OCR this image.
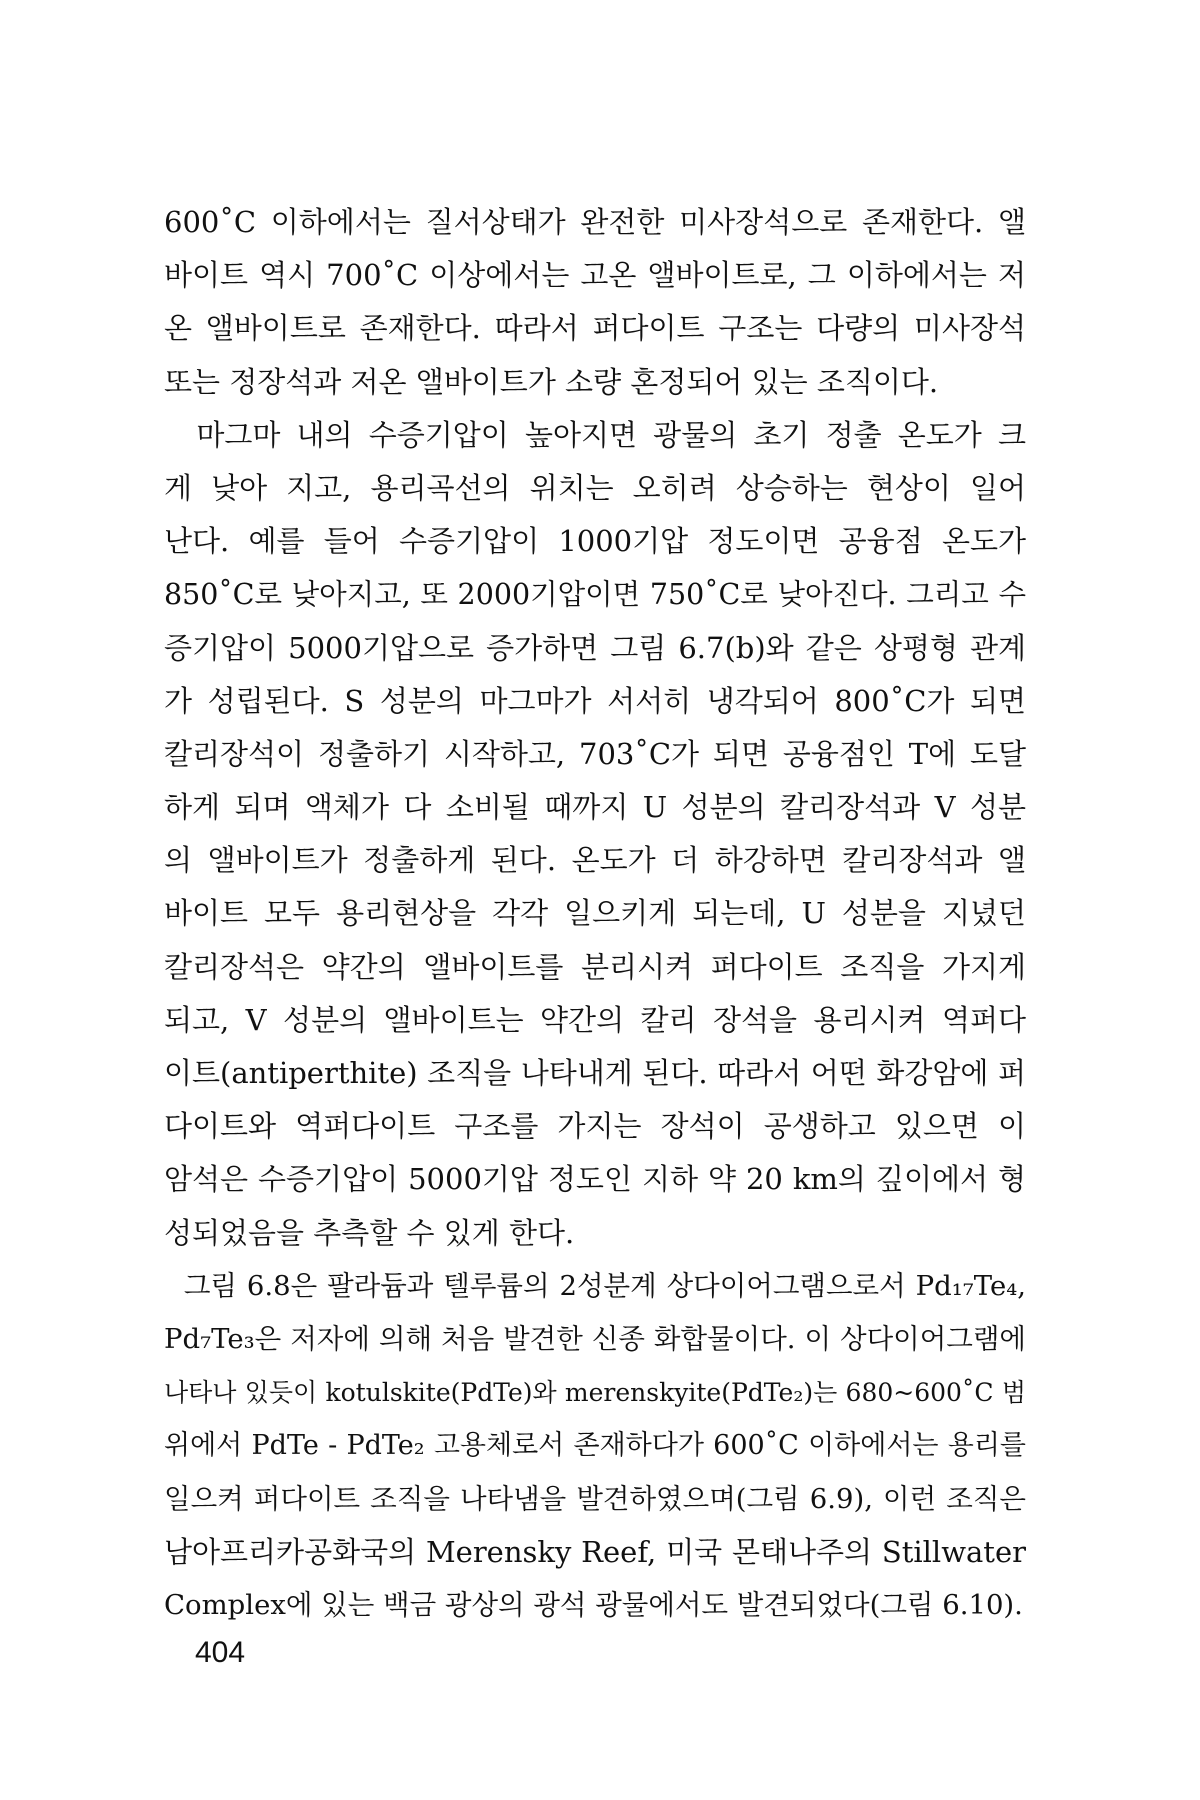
600˚C 이하에서는 질서상태가 완전한 미사장석으로 존재한다. 앨
바이트 역시 700˚C 이상에서는 고온 앨바이트로, 그 이하에서는 저
온 앨바이트로 존재한다. 따라서 퍼다이트 구조는 다량의 미사장석
또는 정장석과 저온 앨바이트가 소량 혼정되어 있는 조직이다.
마그마 내의 수증기압이 높아지면 광물의 초기 정출 온도가 크
게 낮아 지고, 용리곡선의 위치는 오히려 상승하는 현상이 일어
난다. 예를 들어 수증기압이 1000기압 정도이면 공융점 온도가
850˚C로 낮아지고, 또 2000기압이면 750˚C로 낮아진다. 그리고 수
증기압이 5000기압으로 증가하면 그림 6.7(b)와 같은 상평형 관계
가 성립된다. S 성분의 마그마가 서서히 냉각되어 800˚C가 되면
칼리장석이 정출하기 시작하고, 703˚C가 되면 공융점인 T에 도달
하게 되며 액체가 다 소비될 때까지 U 성분의 칼리장석과 V 성분
의 앨바이트가 정출하게 된다. 온도가 더 하강하면 칼리장석과 앨
바이트 모두 용리현상을 각각 일으키게 되는데, U 성분을 지녔던
칼리장석은 약간의 앨바이트를 분리시켜 퍼다이트 조직을 가지게
되고, V 성분의 앨바이트는 약간의 칼리 장석을 용리시켜 역퍼다
이트(antiperthite) 조직을 나타내게 된다. 따라서 어떤 화강암에 퍼
다이트와 역퍼다이트 구조를 가지는 장석이 공생하고 있으면 이
암석은 수증기압이 5000기압 정도인 지하 약 20 km의 깊이에서 형
성되었음을 추측할 수 있게 한다.
그림 6.8은 팔라듐과 텔루륨의 2성분계 상다이어그램으로서 Pd₁₇Te₄,
Pd₇Te₃은 저자에 의해 처음 발견한 신종 화합물이다. 이 상다이어그램에
나타나 있듯이 kotulskite(PdTe)와 merenskyite(PdTe₂)는 680~600˚C 범
위에서 PdTe - PdTe₂ 고용체로서 존재하다가 600˚C 이하에서는 용리를
일으켜 퍼다이트 조직을 나타냄을 발견하였으며(그림 6.9), 이런 조직은
남아프리카공화국의 Merensky Reef, 미국 몬태나주의 Stillwater
Complex에 있는 백금 광상의 광석 광물에서도 발견되었다(그림 6.10).
404
